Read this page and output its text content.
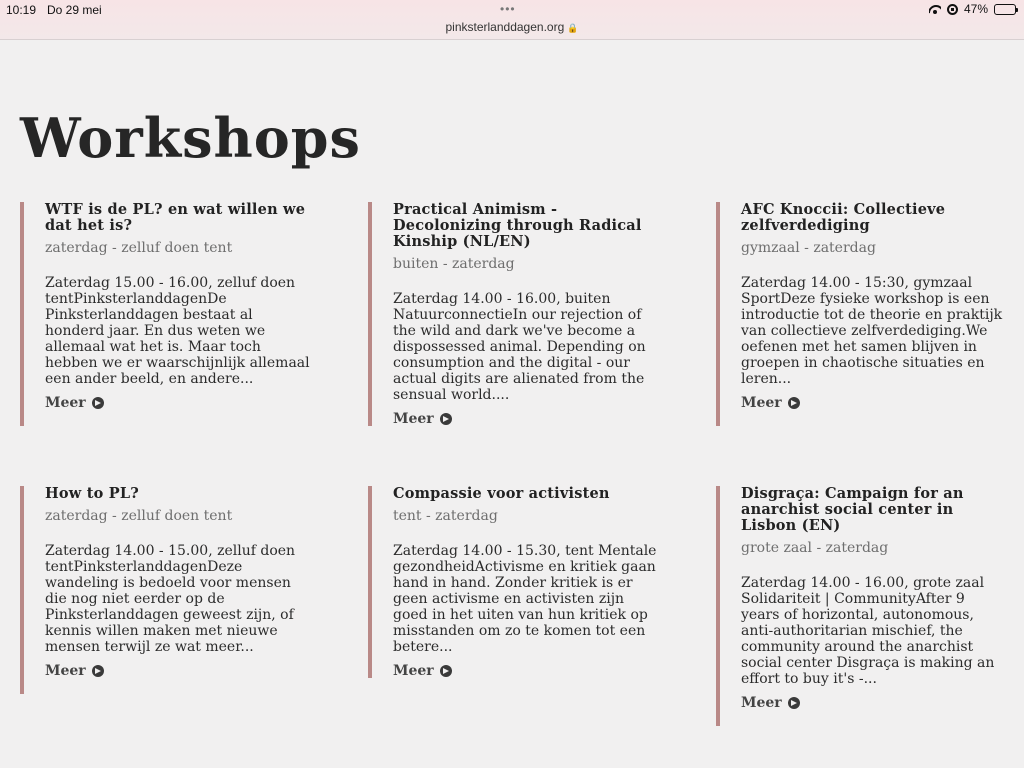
10:19 Do 29 mei	•••
pinksterlanddagen.org 🔒
47%
Workshops
WTF is de PL? en wat willen we dat het is?
zaterdag - zelluf doen tent
Zaterdag 15.00 - 16.00, zelluf doen tentPinksterlanddagenDe Pinksterlanddagen bestaat al honderd jaar. En dus weten we allemaal wat het is. Maar toch hebben we er waarschijnlijk allemaal een ander beeld, en andere...
Meer
Practical Animism - Decolonizing through Radical Kinship (NL/EN)
buiten - zaterdag
Zaterdag 14.00 - 16.00, buiten NatuurconnectieIn our rejection of the wild and dark we've become a dispossessed animal. Depending on consumption and the digital - our actual digits are alienated from the sensual world....
Meer
AFC Knoccii: Collectieve zelfverdediging
gymzaal - zaterdag
Zaterdag 14.00 - 15:30, gymzaal SportDeze fysieke workshop is een introductie tot de theorie en praktijk van collectieve zelfverdediging.We oefenen met het samen blijven in groepen in chaotische situaties en leren...
Meer
How to PL?
zaterdag - zelluf doen tent
Zaterdag 14.00 - 15.00, zelluf doen tentPinksterlanddagenDeze wandeling is bedoeld voor mensen die nog niet eerder op de Pinksterlanddagen geweest zijn, of kennis willen maken met nieuwe mensen terwijl ze wat meer...
Meer
Compassie voor activisten
tent - zaterdag
Zaterdag 14.00 - 15.30, tent Mentale gezondheidActivisme en kritiek gaan hand in hand. Zonder kritiek is er geen activisme en activisten zijn goed in het uiten van hun kritiek op misstanden om zo te komen tot een betere...
Meer
Disgraça: Campaign for an anarchist social center in Lisbon (EN)
grote zaal - zaterdag
Zaterdag 14.00 - 16.00, grote zaal Solidariteit | CommunityAfter 9 years of horizontal, autonomous, anti-authoritarian mischief, the community around the anarchist social center Disgraça is making an effort to buy it's -...
Meer
